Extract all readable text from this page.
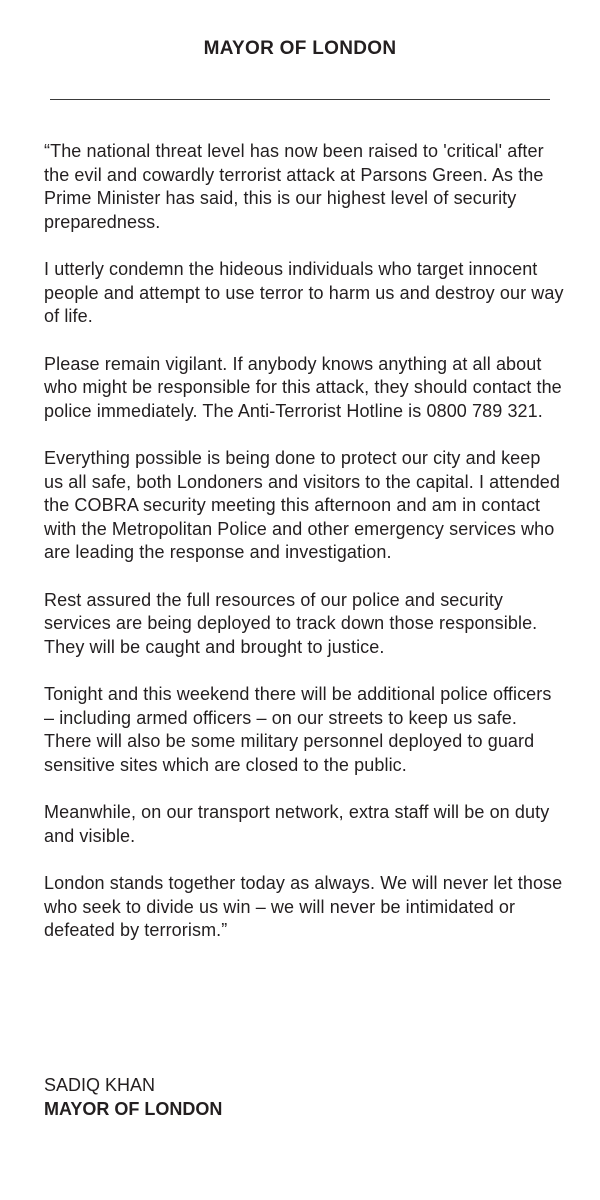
MAYOR OF LONDON

“The national threat level has now been raised to 'critical' after the evil and cowardly terrorist attack at Parsons Green. As the Prime Minister has said, this is our highest level of security preparedness.

I utterly condemn the hideous individuals who target innocent people and attempt to use terror to harm us and destroy our way of life.

Please remain vigilant. If anybody knows anything at all about who might be responsible for this attack, they should contact the police immediately. The Anti-Terrorist Hotline is 0800 789 321.

Everything possible is being done to protect our city and keep us all safe, both Londoners and visitors to the capital. I attended the COBRA security meeting this afternoon and am in contact with the Metropolitan Police and other emergency services who are leading the response and investigation.

Rest assured the full resources of our police and security services are being deployed to track down those responsible. They will be caught and brought to justice.

Tonight and this weekend there will be additional police officers – including armed officers – on our streets to keep us safe. There will also be some military personnel deployed to guard sensitive sites which are closed to the public.

Meanwhile, on our transport network, extra staff will be on duty and visible.

London stands together today as always. We will never let those who seek to divide us win – we will never be intimidated or defeated by terrorism.”

SADIQ KHAN
MAYOR OF LONDON
